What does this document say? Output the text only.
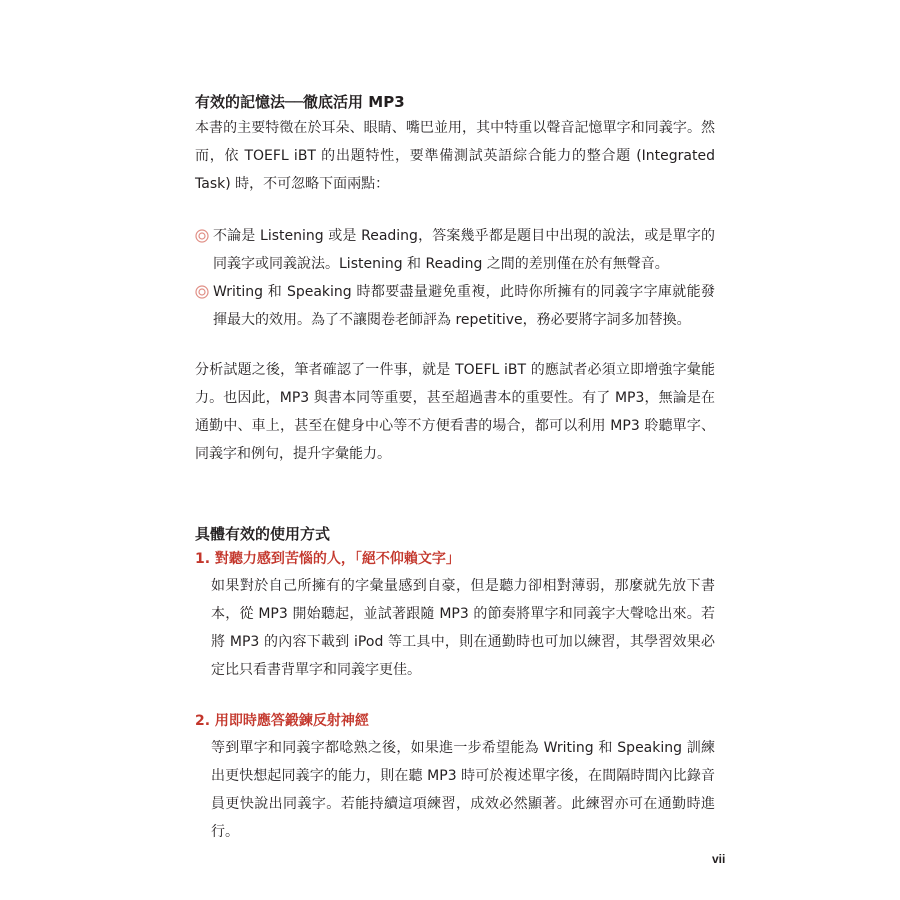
有效的記憶法──徹底活用 MP3

本書的主要特徵在於耳朵、眼睛、嘴巴並用，其中特重以聲音記憶單字和同義字。然而，依 TOEFL iBT 的出題特性，要準備測試英語綜合能力的整合題 (Integrated Task) 時，不可忽略下面兩點：

不論是 Listening 或是 Reading，答案幾乎都是題目中出現的說法，或是單字的同義字或同義說法。Listening 和 Reading 之間的差別僅在於有無聲音。
Writing 和 Speaking 時都要盡量避免重複，此時你所擁有的同義字字庫就能發揮最大的效用。為了不讓閱卷老師評為 repetitive，務必要將字詞多加替換。

分析試題之後，筆者確認了一件事，就是 TOEFL iBT 的應試者必須立即增強字彙能力。也因此，MP3 與書本同等重要，甚至超過書本的重要性。有了 MP3，無論是在通勤中、車上，甚至在健身中心等不方便看書的場合，都可以利用 MP3 聆聽單字、同義字和例句，提升字彙能力。

具體有效的使用方式
1. 對聽力感到苦惱的人，「絕不仰賴文字」

如果對於自己所擁有的字彙量感到自豪，但是聽力卻相對薄弱，那麼就先放下書本，從 MP3 開始聽起，並試著跟隨 MP3 的節奏將單字和同義字大聲唸出來。若將 MP3 的內容下載到 iPod 等工具中，則在通勤時也可加以練習，其學習效果必定比只看書背單字和同義字更佳。

2. 用即時應答鍛鍊反射神經

等到單字和同義字都唸熟之後，如果進一步希望能為 Writing 和 Speaking 訓練出更快想起同義字的能力，則在聽 MP3 時可於複述單字後，在間隔時間內比錄音員更快說出同義字。若能持續這項練習，成效必然顯著。此練習亦可在通勤時進行。

vii
